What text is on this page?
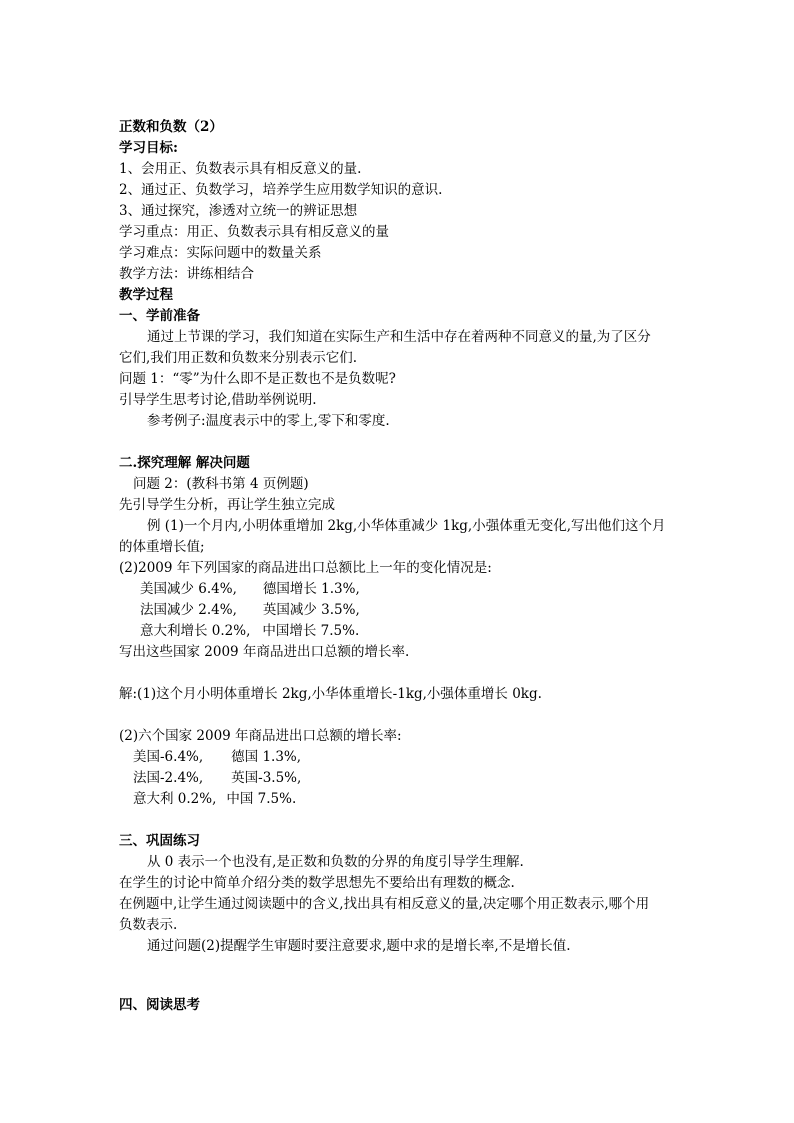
正数和负数（2）
学习目标:
1、会用正、负数表示具有相反意义的量.
2、通过正、负数学习，培养学生应用数学知识的意识.
3、通过探究，渗透对立统一的辨证思想
学习重点：用正、负数表示具有相反意义的量
学习难点：实际问题中的数量关系
教学方法：讲练相结合
教学过程
一、学前准备
通过上节课的学习，我们知道在实际生产和生活中存在着两种不同意义的量,为了区分
它们,我们用正数和负数来分别表示它们.
问题 1：“零”为什么即不是正数也不是负数呢?
引导学生思考讨论,借助举例说明.
参考例子:温度表示中的零上,零下和零度.
二.探究理解 解决问题
问题 2：(教科书第 4 页例题)
先引导学生分析，再让学生独立完成
例 (1)一个月内,小明体重增加 2kg,小华体重减少 1kg,小强体重无变化,写出他们这个月
的体重增长值;
(2)2009 年下列国家的商品进出口总额比上一年的变化情况是:
美国减少 6.4%, 德国增长 1.3%,
法国减少 2.4%, 英国减少 3.5%,
意大利增长 0.2%, 中国增长 7.5%.
写出这些国家 2009 年商品进出口总额的增长率.
解:(1)这个月小明体重增长 2kg,小华体重增长-1kg,小强体重增长 0kg.
(2)六个国家 2009 年商品进出口总额的增长率:
美国-6.4%, 德国 1.3%,
法国-2.4%, 英国-3.5%,
意大利 0.2%, 中国 7.5%.
三、巩固练习
从 0 表示一个也没有,是正数和负数的分界的角度引导学生理解.
在学生的讨论中简单介绍分类的数学思想先不要给出有理数的概念.
在例题中,让学生通过阅读题中的含义,找出具有相反意义的量,决定哪个用正数表示,哪个用
负数表示.
通过问题(2)提醒学生审题时要注意要求,题中求的是增长率,不是增长值.
四、阅读思考
